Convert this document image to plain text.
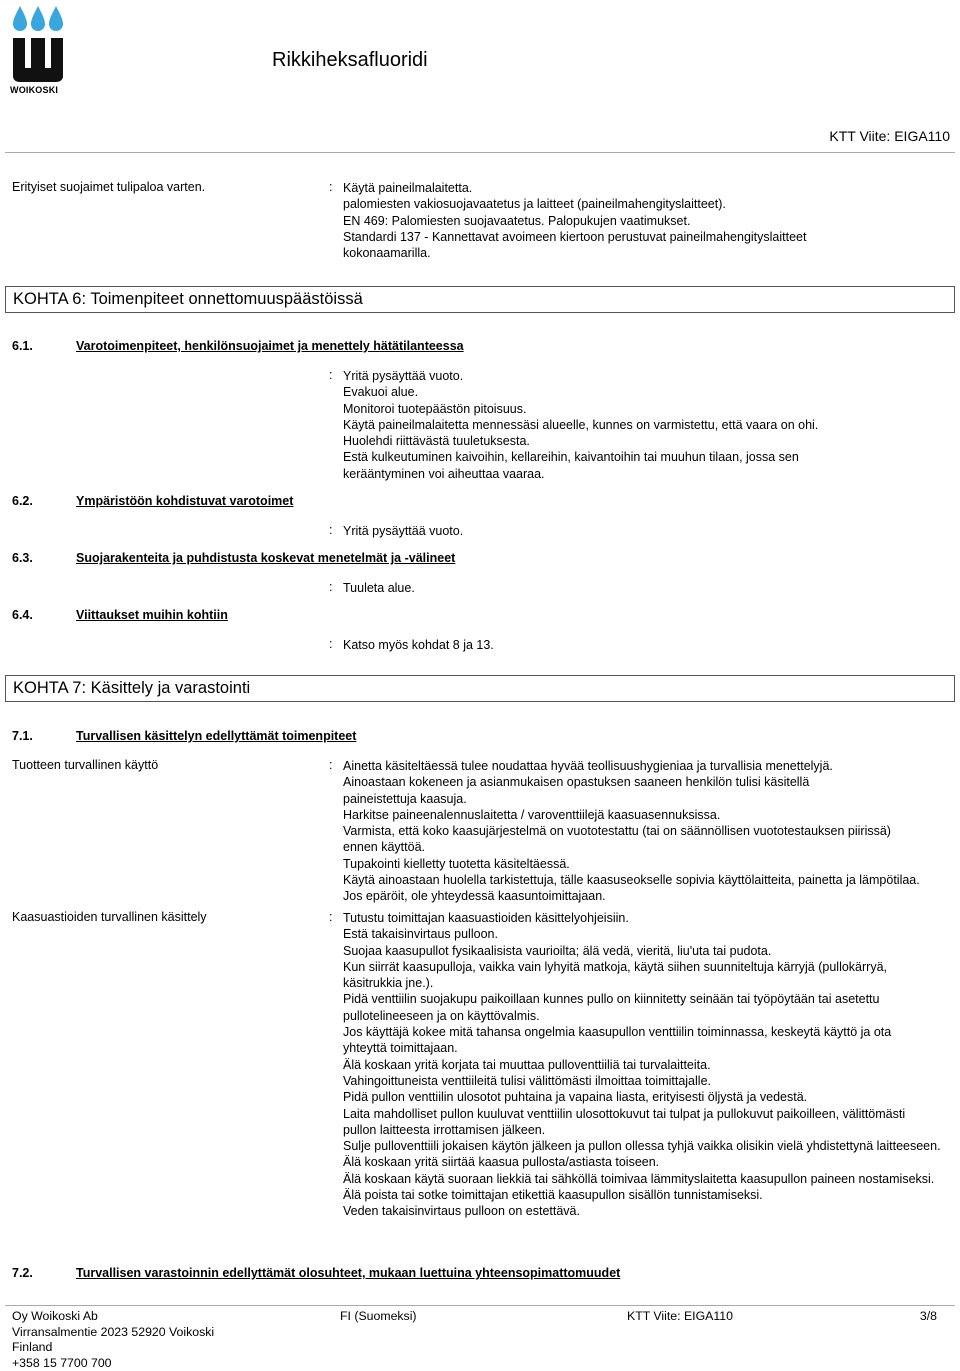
WOIKOSKI
Rikkiheksafluoridi
KTT Viite: EIGA110
Erityiset suojaimet tulipaloa varten.	: Käytä paineilmalaitetta.
palomiesten vakiosuojavaatetus ja laitteet (paineilmahengityslaitteet).
EN 469: Palomiesten suojavaatetus. Palopukujen vaatimukset.
Standardi 137 - Kannettavat avoimeen kiertoon perustuvat paineilmahengityslaitteet kokonaamarilla.
KOHTA 6: Toimenpiteet onnettomuuspäästöissä
6.1.	Varotoimenpiteet, henkilönsuojaimet ja menettely hätätilanteessa
: Yritä pysäyttää vuoto.
Evakuoi alue.
Monitoroi tuotepäästön pitoisuus.
Käytä paineilmalaitetta mennessäsi alueelle, kunnes on varmistettu, että vaara on ohi.
Huolehdi riittävästä tuuletuksesta.
Estä kulkeutuminen kaivoihin, kellareihin, kaivantoihin tai muuhun tilaan, jossa sen kerääntyminen voi aiheuttaa vaaraa.
6.2.	Ympäristöön kohdistuvat varotoimet
: Yritä pysäyttää vuoto.
6.3.	Suojarakenteita ja puhdistusta koskevat menetelmät ja -välineet
: Tuuleta alue.
6.4.	Viittaukset muihin kohtiin
: Katso myös kohdat 8 ja 13.
KOHTA 7: Käsittely ja varastointi
7.1.	Turvallisen käsittelyn edellyttämät toimenpiteet
Tuotteen turvallinen käyttö	: Ainetta käsiteltäessä tulee noudattaa hyvää teollisuushygieniaa ja turvallisia menettelyjä.
Ainoastaan kokeneen ja asianmukaisen opastuksen saaneen henkilön tulisi käsitellä paineistettuja kaasuja.
Harkitse paineenalennuslaitetta / varoventtiilejä kaasuasennuksissa.
Varmista, että koko kaasujärjestelmä on vuototestattu (tai on säännöllisen vuototestauksen piirissä) ennen käyttöä.
Tupakointi kielletty tuotetta käsiteltäessä.
Käytä ainoastaan huolella tarkistettuja, tälle kaasuseokselle sopivia käyttölaitteita, painetta ja lämpötilaa. Jos epäröit, ole yhteydessä kaasuntoimittajaan.
Kaasuastioiden turvallinen käsittely	: Tutustu toimittajan kaasuastioiden käsittelyohjeisiin.
Estä takaisinvirtaus pulloon.
Suojaa kaasupullot fysikaalisista vaurioilta; älä vedä, vieritä, liu'uta tai pudota.
Kun siirrät kaasupulloja, vaikka vain lyhyitä matkoja, käytä siihen suunniteltuja kärryjä (pullokärryä, käsitrukkia jne.).
Pidä venttiilin suojakupu paikoillaan kunnes pullo on kiinnitetty seinään tai työpöytään tai asetettu pullotelineeseen ja on käyttövalmis.
Jos käyttäjä kokee mitä tahansa ongelmia kaasupullon venttiilin toiminnassa, keskeytä käyttö ja ota yhteyttä toimittajaan.
Älä koskaan yritä korjata tai muuttaa pulloventtiiliä tai turvalaitteita.
Vahingoittuneista venttiileitä tulisi välittömästi ilmoittaa toimittajalle.
Pidä pullon venttiilin ulosotot puhtaina ja vapaina liasta, erityisesti öljystä ja vedestä.
Laita mahdolliset pullon kuuluvat venttiilin ulosottokuvut tai tulpat ja pullokuvut paikoilleen, välittömästi pullon laitteesta irrottamisen jälkeen.
Sulje pulloventtiili jokaisen käytön jälkeen ja pullon ollessa tyhjä vaikka olisikin vielä yhdistettynä laitteeseen.
Älä koskaan yritä siirtää kaasua pullosta/astiasta toiseen.
Älä koskaan käytä suoraan liekkiä tai sähköllä toimivaa lämmityslaitetta kaasupullon paineen nostamiseksi.
Älä poista tai sotke toimittajan etikettiä kaasupullon sisällön tunnistamiseksi.
Veden takaisinvirtaus pulloon on estettävä.
7.2.	Turvallisen varastoinnin edellyttämät olosuhteet, mukaan luettuina yhteensopimattomuudet
Oy Woikoski Ab
Virransalmentie 2023 52920 Voikoski
Finland
+358 15 7700 700
FI (Suomeksi)	KTT Viite: EIGA110	3/8
